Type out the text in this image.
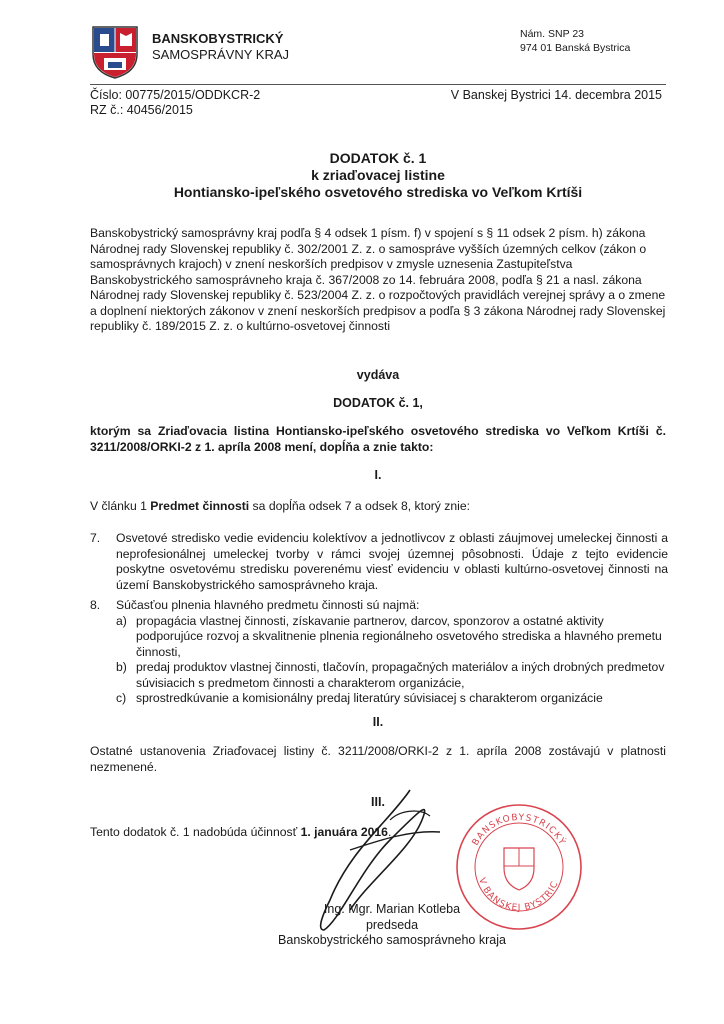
BANSKOBYSTRICKÝ
SAMOSPRÁVNY KRAJ
Nám. SNP 23
974 01 Banská Bystrica
Číslo: 00775/2015/ODDKCR-2
RZ č.: 40456/2015
V Banskej Bystrici 14. decembra 2015
DODATOK č. 1
k zriaďovacej listine
Hontiansko-ipeľského osvetového strediska vo Veľkom Krtíši
Banskobystrický samosprávny kraj podľa § 4 odsek 1 písm. f) v spojení s § 11 odsek 2 písm. h) zákona Národnej rady Slovenskej republiky č. 302/2001 Z. z. o samospráve vyšších územných celkov (zákon o samosprávnych krajoch) v znení neskorších predpisov v zmysle uznesenia Zastupiteľstva Banskobystrického samosprávneho kraja č. 367/2008 zo 14. februára 2008, podľa § 21 a nasl. zákona Národnej rady Slovenskej republiky č. 523/2004 Z. z. o rozpočtových pravidlách verejnej správy a o zmene a doplnení niektorých zákonov v znení neskorších predpisov a podľa § 3 zákona Národnej rady Slovenskej republiky č. 189/2015 Z. z. o kultúrno-osvetovej činnosti
vydáva
DODATOK č. 1,
ktorým sa Zriaďovacia listina Hontiansko-ipeľského osvetového strediska vo Veľkom Krtíši č. 3211/2008/ORKI-2 z 1. apríla 2008 mení, dopĺňa a znie takto:
I.
V článku 1 Predmet činnosti sa dopĺňa odsek 7 a odsek 8, ktorý znie:
7. Osvetové stredisko vedie evidenciu kolektívov a jednotlivcov z oblasti záujmovej umeleckej činnosti a neprofesionálnej umeleckej tvorby v rámci svojej územnej pôsobnosti. Údaje z tejto evidencie poskytne osvetovému stredisku poverenému viesť evidenciu v oblasti kultúrno-osvetovej činnosti na území Banskobystrického samosprávneho kraja.
8. Súčasťou plnenia hlavného predmetu činnosti sú najmä:
a) propagácia vlastnej činnosti, získavanie partnerov, darcov, sponzorov a ostatné aktivity podporujúce rozvoj a skvalitnenie plnenia regionálneho osvetového strediska a hlavného premetu činnosti,
b) predaj produktov vlastnej činnosti, tlačovín, propagačných materiálov a iných drobných predmetov súvisiacich s predmetom činnosti a charakterom organizácie,
c) sprostredkúvanie a komisionálny predaj literatúry súvisiacej s charakterom organizácie
II.
Ostatné ustanovenia Zriaďovacej listiny č. 3211/2008/ORKI-2 z 1. apríla 2008 zostávajú v platnosti nezmenené.
III.
Tento dodatok č. 1 nadobúda účinnosť 1. januára 2016.
BANSKOBYSTRICKÝ
V BANSKEJ BYSTRIC
Ing. Mgr. Marian Kotleba
predseda
Banskobystrického samosprávneho kraja
